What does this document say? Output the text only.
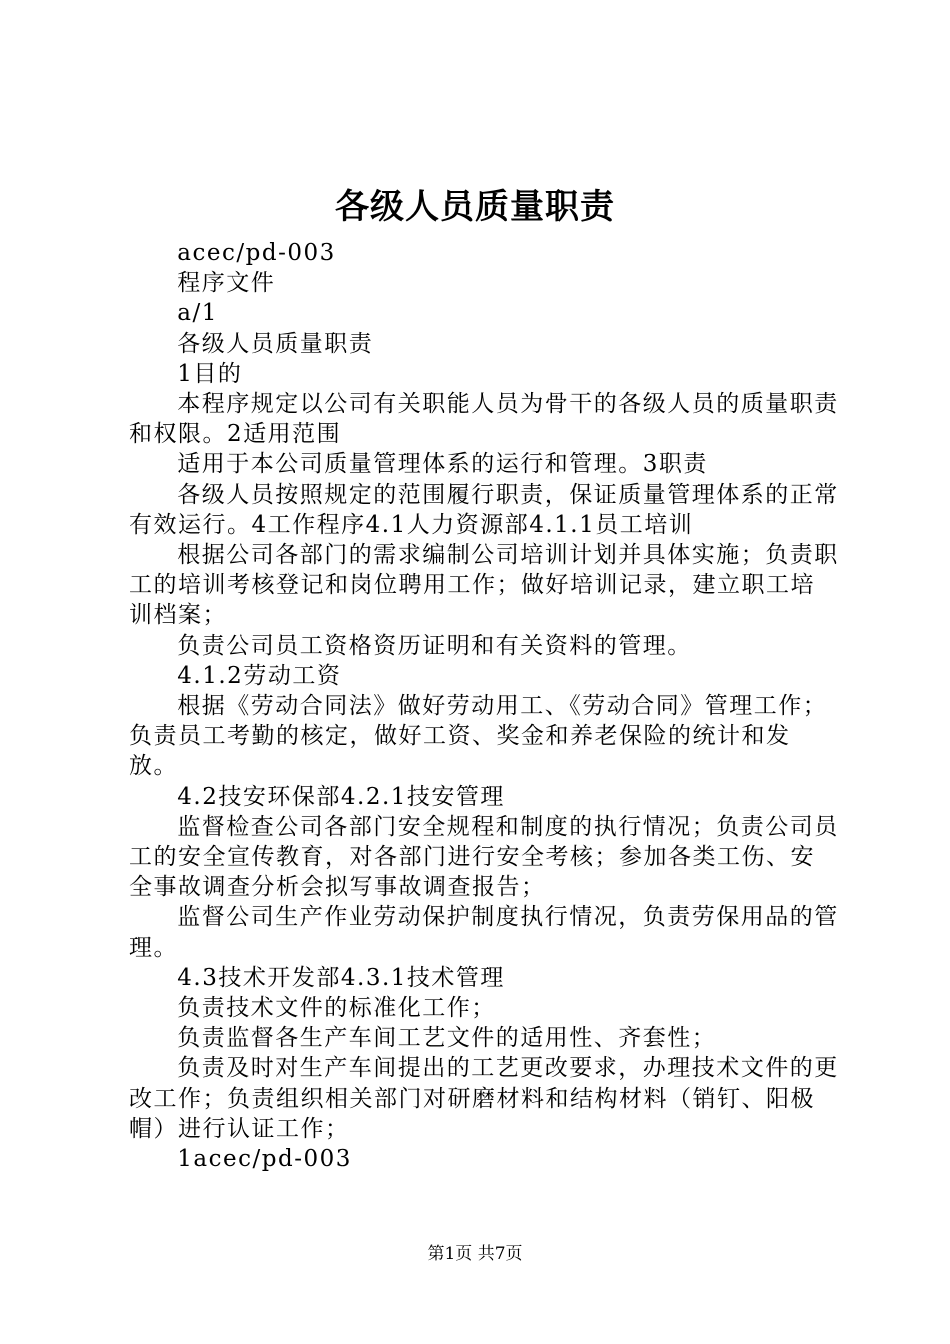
各级人员质量职责

acec/pd-003

程序文件

a/1

各级人员质量职责

1目的

本程序规定以公司有关职能人员为骨干的各级人员的质量职责和权限。2适用范围

适用于本公司质量管理体系的运行和管理。3职责

各级人员按照规定的范围履行职责，保证质量管理体系的正常有效运行。4工作程序4.1人力资源部4.1.1员工培训

根据公司各部门的需求编制公司培训计划并具体实施；负责职工的培训考核登记和岗位聘用工作；做好培训记录，建立职工培训档案；

负责公司员工资格资历证明和有关资料的管理。

4.1.2劳动工资

根据《劳动合同法》做好劳动用工、《劳动合同》管理工作；负责员工考勤的核定，做好工资、奖金和养老保险的统计和发放。

4.2技安环保部4.2.1技安管理

监督检查公司各部门安全规程和制度的执行情况；负责公司员工的安全宣传教育，对各部门进行安全考核；参加各类工伤、安全事故调查分析会拟写事故调查报告；

监督公司生产作业劳动保护制度执行情况，负责劳保用品的管理。

4.3技术开发部4.3.1技术管理

负责技术文件的标准化工作；

负责监督各生产车间工艺文件的适用性、齐套性；

负责及时对生产车间提出的工艺更改要求，办理技术文件的更改工作；负责组织相关部门对研磨材料和结构材料（销钉、阳极帽）进行认证工作；

1acec/pd-003

第1页 共7页
